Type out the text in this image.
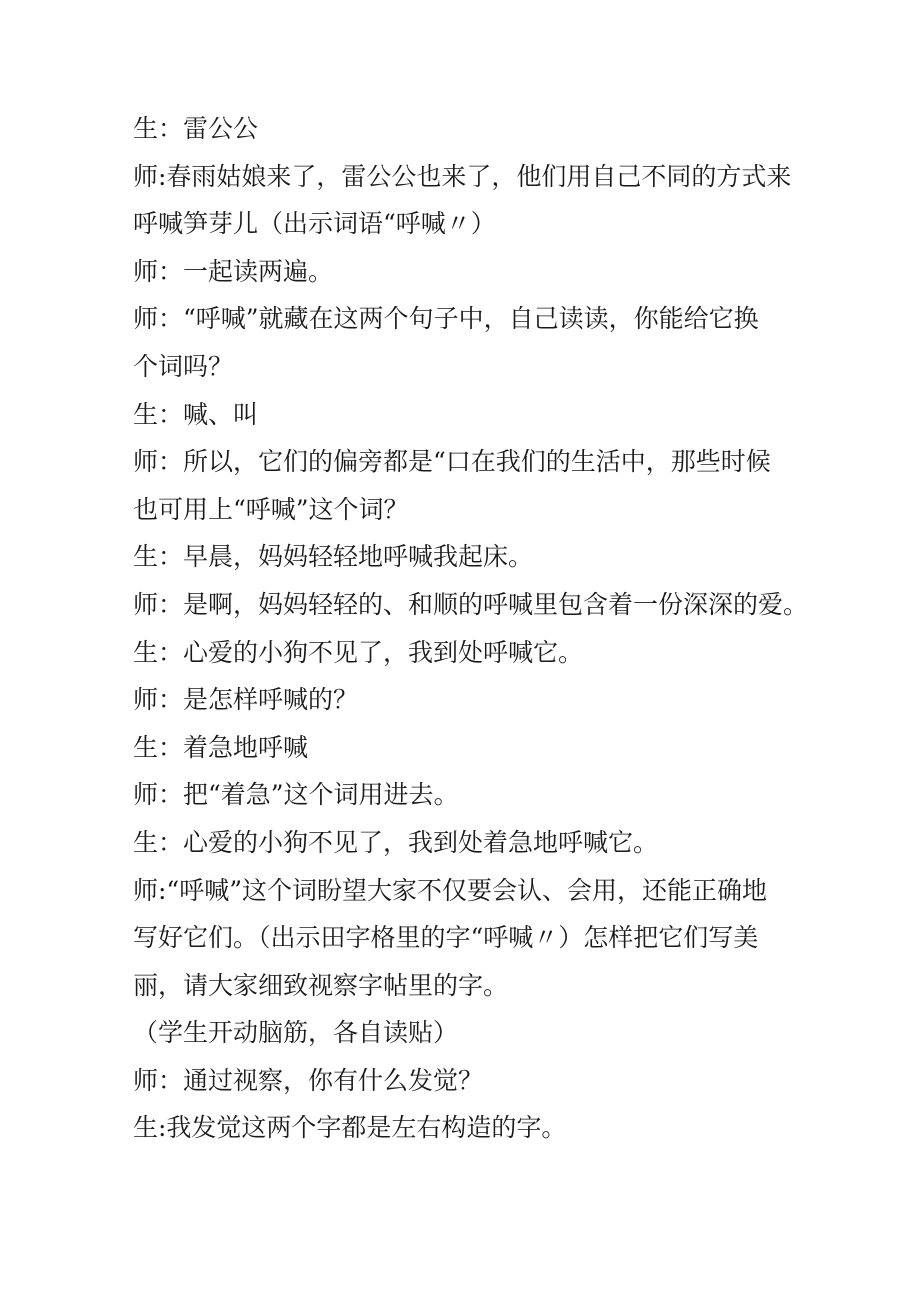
生：雷公公
师:春雨姑娘来了，雷公公也来了，他们用自己不同的方式来
呼喊笋芽儿（出示词语“呼喊〃）
师：一起读两遍。
师：“呼喊”就藏在这两个句子中，自己读读，你能给它换
个词吗？
生：喊、叫
师：所以，它们的偏旁都是“口在我们的生活中，那些时候
也可用上“呼喊”这个词？
生：早晨，妈妈轻轻地呼喊我起床。
师：是啊，妈妈轻轻的、和顺的呼喊里包含着一份深深的爱。
生：心爱的小狗不见了，我到处呼喊它。
师：是怎样呼喊的？
生：着急地呼喊
师：把“着急”这个词用进去。
生：心爱的小狗不见了，我到处着急地呼喊它。
师:“呼喊”这个词盼望大家不仅要会认、会用，还能正确地
写好它们。（出示田字格里的字“呼喊〃）怎样把它们写美
丽，请大家细致视察字帖里的字。
（学生开动脑筋，各自读贴）
师：通过视察，你有什么发觉？
生:我发觉这两个字都是左右构造的字。
